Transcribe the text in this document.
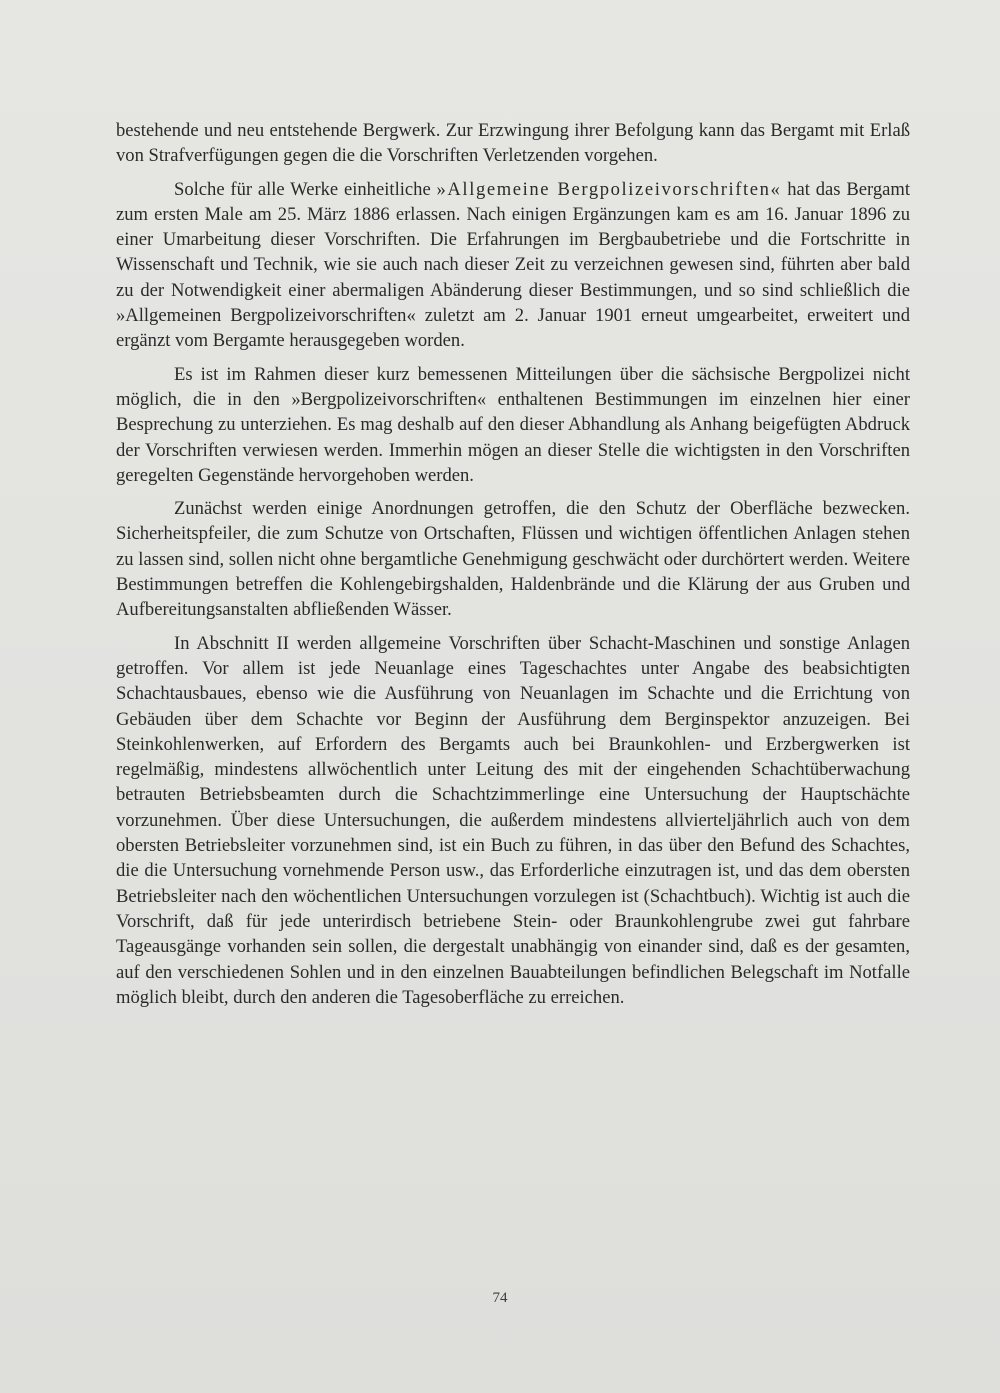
bestehende und neu entstehende Bergwerk. Zur Erzwingung ihrer Befolgung kann das Bergamt mit Erlaß von Strafverfügungen gegen die die Vorschriften Verletzenden vorgehen.

Solche für alle Werke einheitliche »Allgemeine Bergpolizeivorschriften« hat das Bergamt zum ersten Male am 25. März 1886 erlassen. Nach einigen Ergänzungen kam es am 16. Januar 1896 zu einer Umarbeitung dieser Vorschriften. Die Erfahrungen im Bergbaubetriebe und die Fortschritte in Wissenschaft und Technik, wie sie auch nach dieser Zeit zu verzeichnen gewesen sind, führten aber bald zu der Notwendigkeit einer abermaligen Abänderung dieser Bestimmungen, und so sind schließlich die »Allgemeinen Bergpolizeivorschriften« zuletzt am 2. Januar 1901 erneut umgearbeitet, erweitert und ergänzt vom Bergamte herausgegeben worden.

Es ist im Rahmen dieser kurz bemessenen Mitteilungen über die sächsische Bergpolizei nicht möglich, die in den »Bergpolizeivorschriften« enthaltenen Bestimmungen im einzelnen hier einer Besprechung zu unterziehen. Es mag deshalb auf den dieser Abhandlung als Anhang beigefügten Abdruck der Vorschriften verwiesen werden. Immerhin mögen an dieser Stelle die wichtigsten in den Vorschriften geregelten Gegenstände hervorgehoben werden.

Zunächst werden einige Anordnungen getroffen, die den Schutz der Oberfläche bezwecken. Sicherheitspfeiler, die zum Schutze von Ortschaften, Flüssen und wichtigen öffentlichen Anlagen stehen zu lassen sind, sollen nicht ohne bergamtliche Genehmigung geschwächt oder durchörtert werden. Weitere Bestimmungen betreffen die Kohlengebirgshalden, Haldenbrände und die Klärung der aus Gruben und Aufbereitungsanstalten abfließenden Wässer.

In Abschnitt II werden allgemeine Vorschriften über Schacht-Maschinen und sonstige Anlagen getroffen. Vor allem ist jede Neuanlage eines Tageschachtes unter Angabe des beabsichtigten Schachtausbaues, ebenso wie die Ausführung von Neuanlagen im Schachte und die Errichtung von Gebäuden über dem Schachte vor Beginn der Ausführung dem Berginspektor anzuzeigen. Bei Steinkohlenwerken, auf Erfordern des Bergamts auch bei Braunkohlen- und Erzbergwerken ist regelmäßig, mindestens allwöchentlich unter Leitung des mit der eingehenden Schachtüberwachung betrauten Betriebsbeamten durch die Schachtzimmerlinge eine Untersuchung der Hauptschächte vorzunehmen. Über diese Untersuchungen, die außerdem mindestens allvierteljährlich auch von dem obersten Betriebsleiter vorzunehmen sind, ist ein Buch zu führen, in das über den Befund des Schachtes, die die Untersuchung vornehmende Person usw., das Erforderliche einzutragen ist, und das dem obersten Betriebsleiter nach den wöchentlichen Untersuchungen vorzulegen ist (Schachtbuch). Wichtig ist auch die Vorschrift, daß für jede unterirdisch betriebene Stein- oder Braunkohlengrube zwei gut fahrbare Tageausgänge vorhanden sein sollen, die dergestalt unabhängig von einander sind, daß es der gesamten, auf den verschiedenen Sohlen und in den einzelnen Bauabteilungen befindlichen Belegschaft im Notfalle möglich bleibt, durch den anderen die Tagesoberfläche zu erreichen.

74
